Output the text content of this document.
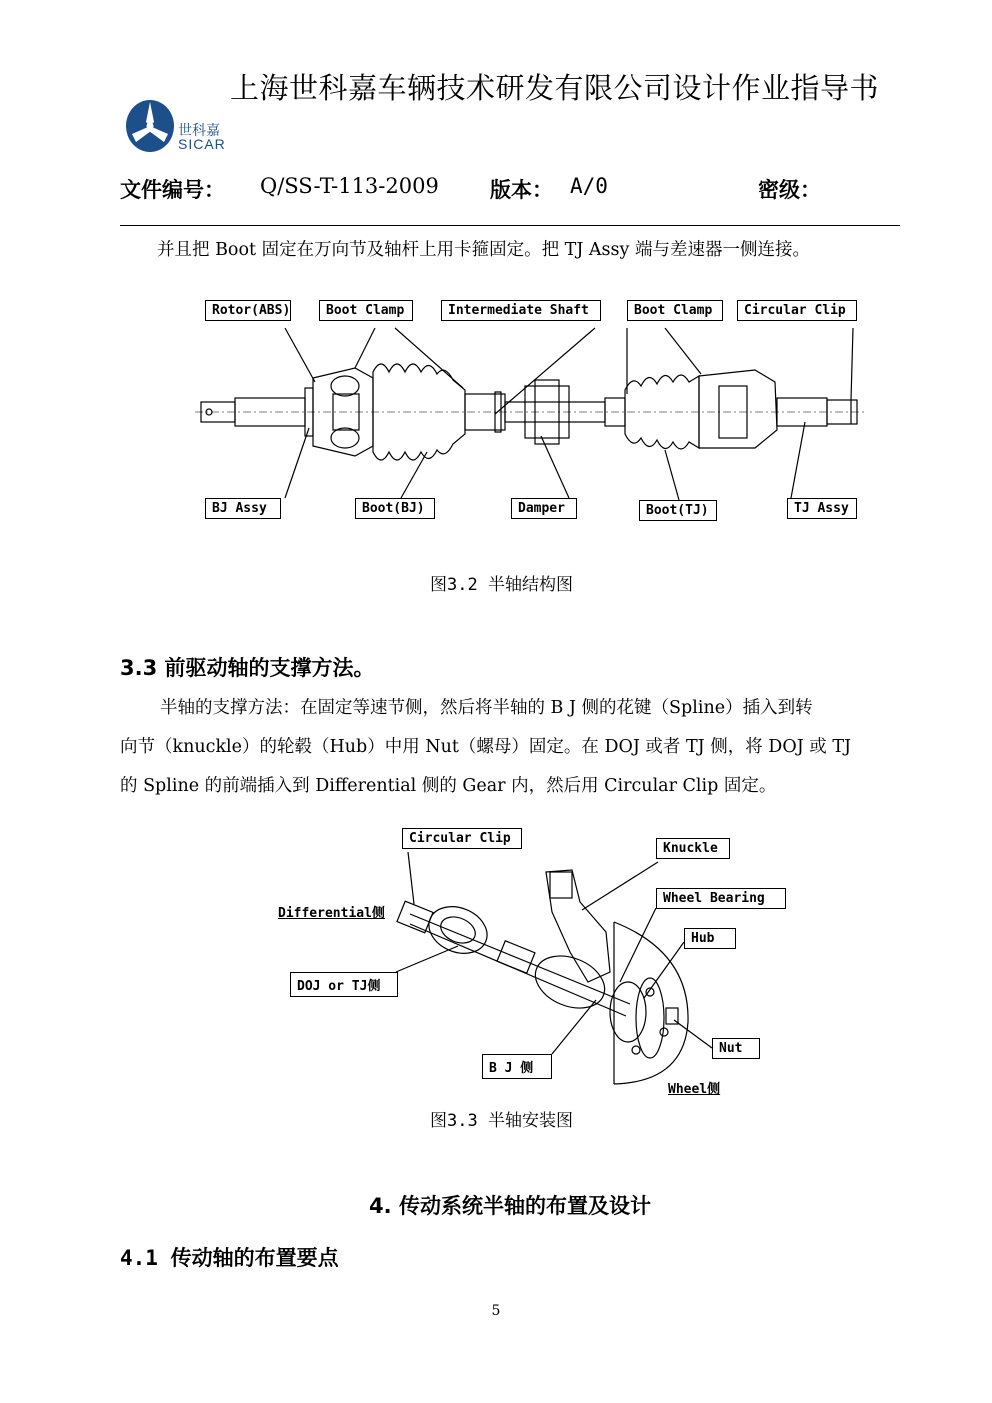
上海世科嘉车辆技术研发有限公司设计作业指导书
世科嘉
SICAR
文件编号： Q/SS-T-113-2009 版本： A/0	密级：
并且把 Boot 固定在万向节及轴杆上用卡箍固定。把 TJ Assy 端与差速器一侧连接。
Rotor(ABS)	Boot Clamp	Intermediate Shaft	Boot Clamp	Circular Clip
BJ Assy	Boot(BJ)	Damper	Boot(TJ)	TJ Assy
图3.2 半轴结构图
3.3 前驱动轴的支撑方法。
半轴的支撑方法：在固定等速节侧，然后将半轴的 B J 侧的花键（Spline）插入到转
向节（knuckle）的轮毂（Hub）中用 Nut（螺母）固定。在 DOJ 或者 TJ 侧，将 DOJ 或 TJ
的 Spline 的前端插入到 Differential 侧的 Gear 内，然后用 Circular Clip 固定。
Circular Clip
Knuckle
Differential侧
Wheel Bearing
Hub
DOJ or TJ侧
Nut
B J 侧
Wheel侧
图3.3 半轴安装图
4. 传动系统半轴的布置及设计
4.1 传动轴的布置要点
5
